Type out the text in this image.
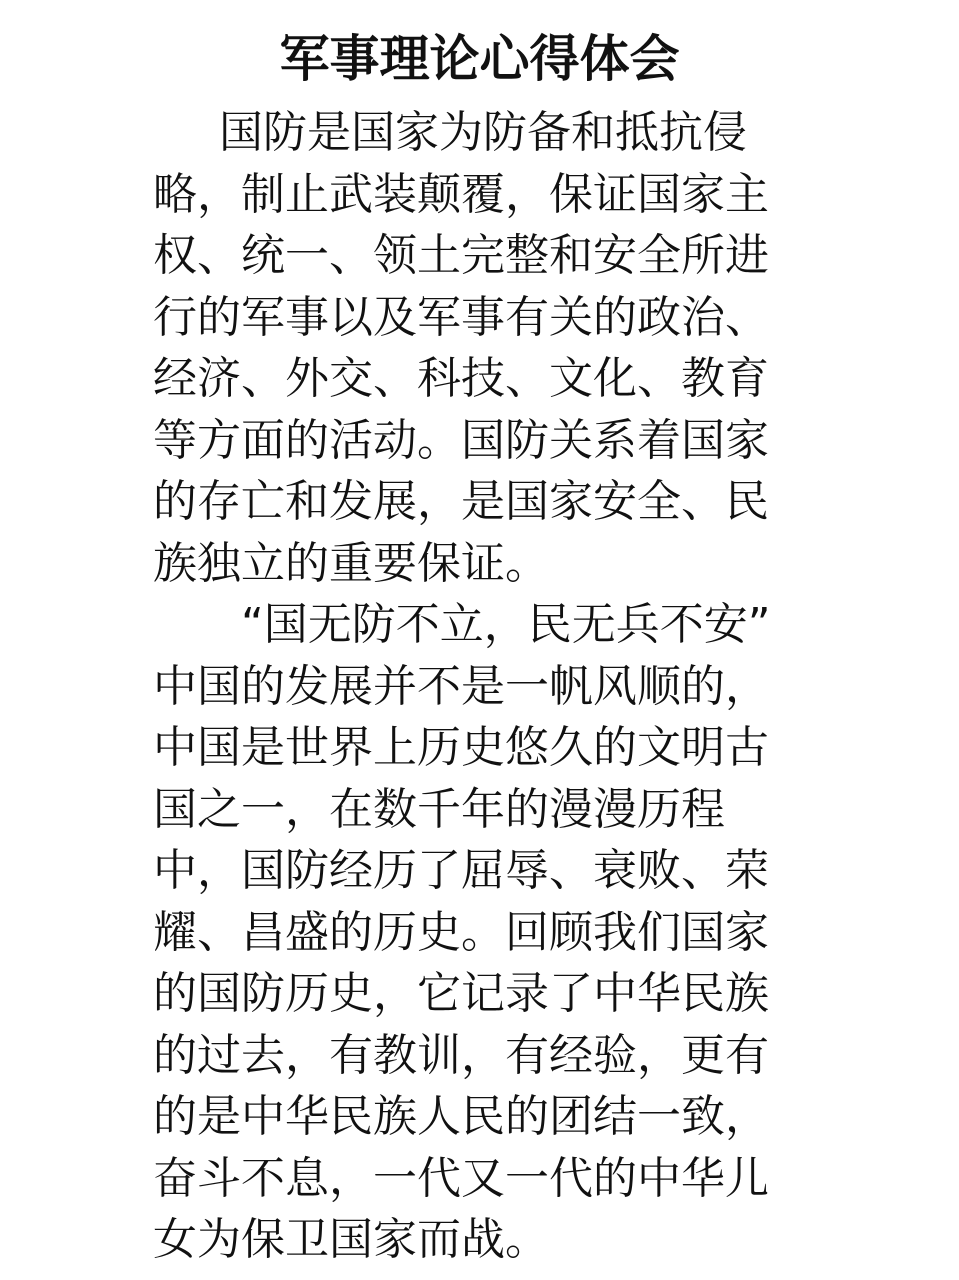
军事理论心得体会
国防是国家为防备和抵抗侵
略，制止武装颠覆，保证国家主
权、统一、领土完整和安全所进
行的军事以及军事有关的政治、
经济、外交、科技、文化、教育
等方面的活动。国防关系着国家
的存亡和发展，是国家安全、民
族独立的重要保证。
“国无防不立，民无兵不安”
中国的发展并不是一帆风顺的，
中国是世界上历史悠久的文明古
国之一，在数千年的漫漫历程
中，国防经历了屈辱、衰败、荣
耀、昌盛的历史。回顾我们国家
的国防历史，它记录了中华民族
的过去，有教训，有经验，更有
的是中华民族人民的团结一致，
奋斗不息，一代又一代的中华儿
女为保卫国家而战。
